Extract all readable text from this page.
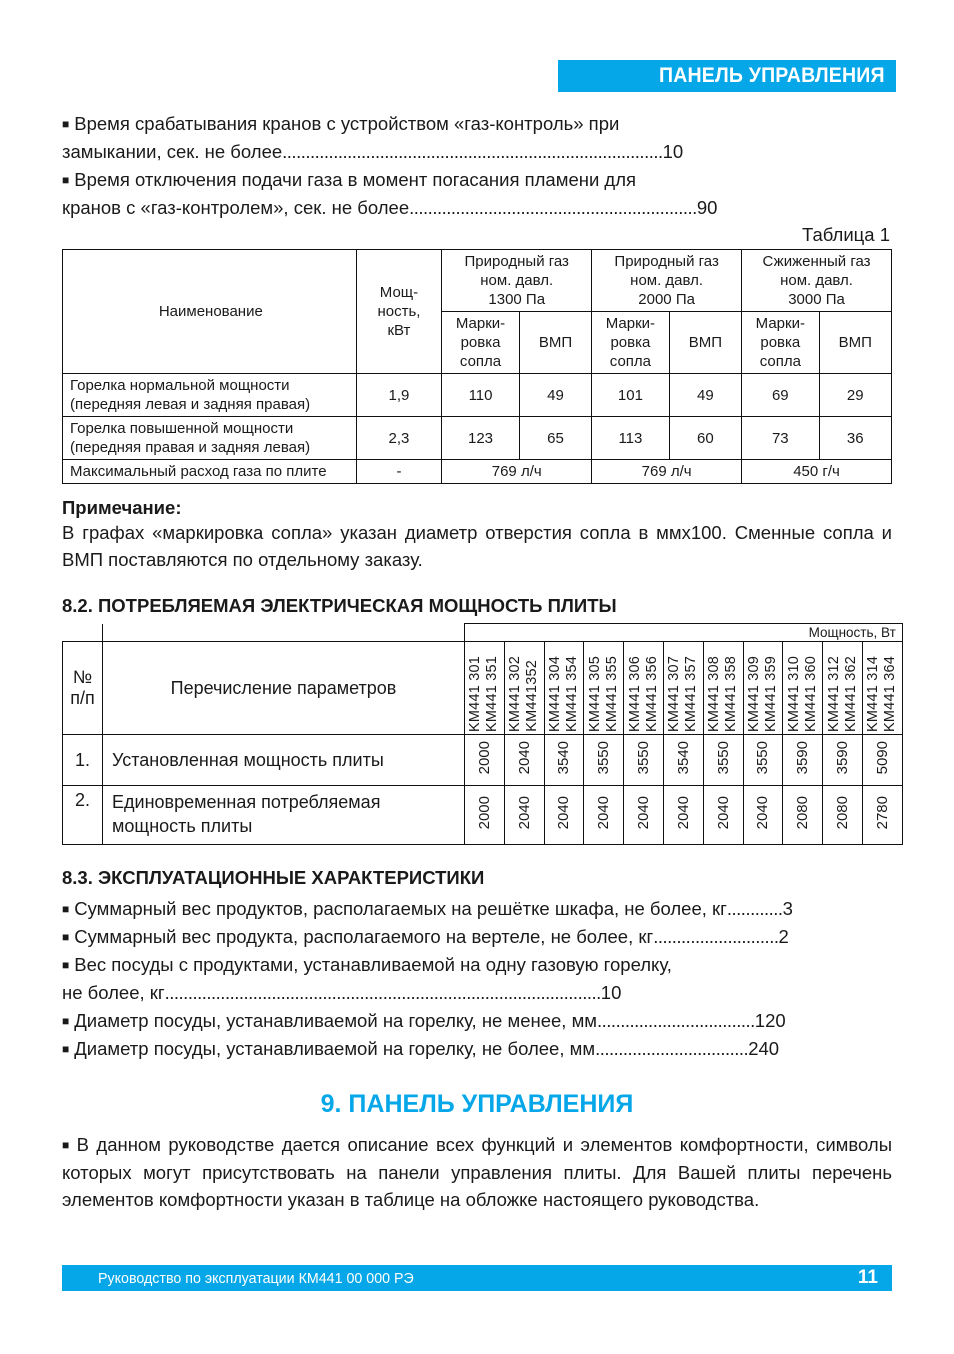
ПАНЕЛЬ УПРАВЛЕНИЯ
■ Время срабатывания кранов с устройством «газ-контроль» при
замыкании, сек. не более..................................................................................10
■ Время отключения подачи газа в момент погасания пламени для
кранов с «газ-контролем», сек. не более..............................................................90
Таблица 1
Наименование	Мощ-
ность,
кВт	Природный газ
ном. давл.
1300 Па		Природный газ
ном. давл.
2000 Па		Сжиженный газ
ном. давл.
3000 Па	
		Марки-
ровка
сопла	ВМП	Марки-
ровка
сопла	ВМП	Марки-
ровка
сопла	ВМП
Горелка нормальной мощности
(передняя левая и задняя правая)	1,9	110	49	101	49	69	29
Горелка повышенной мощности
(передняя правая и задняя левая)	2,3	123	65	113	60	73	36
Максимальный расход газа по плите	-	769 л/ч		769 л/ч		450 г/ч	
Примечание:
В графах «маркировка сопла» указан диаметр отверстия сопла в ммх100. Сменные сопла и ВМП поставляются по отдельному заказу.
8.2. ПОТРЕБЛЯЕМАЯ ЭЛЕКТРИЧЕСКАЯ МОЩНОСТЬ ПЛИТЫ
		Мощность, Вт										
№
п/п	Перечисление параметров	KM441 301 KM441 351	KM441 302 KM441352	KM441 304 KM441 354	KM441 305 KM441 355	KM441 306 KM441 356	KM441 307 KM441 357	KM441 308 KM441 358	KM441 309 KM441 359	KM441 310 KM441 360	KM441 312 KM441 362	KM441 314 KM441 364

1.	Установленная мощность плиты	2000	2040	3540	3550	3550	3540	3550	3550	3590	3590	5090
2.	Единовременная потребляемая
мощность плиты	2000	2040	2040	2040	2040	2040	2040	2040	2080	2080	2780
8.3. ЭКСПЛУАТАЦИОННЫЕ ХАРАКТЕРИСТИКИ
■ Суммарный вес продуктов, располагаемых на решётке шкафа, не более, кг............3
■ Суммарный вес продукта, располагаемого на вертеле, не более, кг...........................2
■ Вес посуды с продуктами, устанавливаемой на одну газовую горелку,
не более, кг..............................................................................................10
■ Диаметр посуды, устанавливаемой на горелку, не менее, мм..................................120
■ Диаметр посуды, устанавливаемой на горелку, не более, мм.................................240
9. ПАНЕЛЬ УПРАВЛЕНИЯ
■ В данном руководстве дается описание всех функций и элементов комфортности, символы которых могут присутствовать на панели управления плиты. Для Вашей плиты перечень элементов комфортности указан в таблице на обложке настоящего руководства.
Руководство по эксплуатации КМ441 00 000 РЭ	11
